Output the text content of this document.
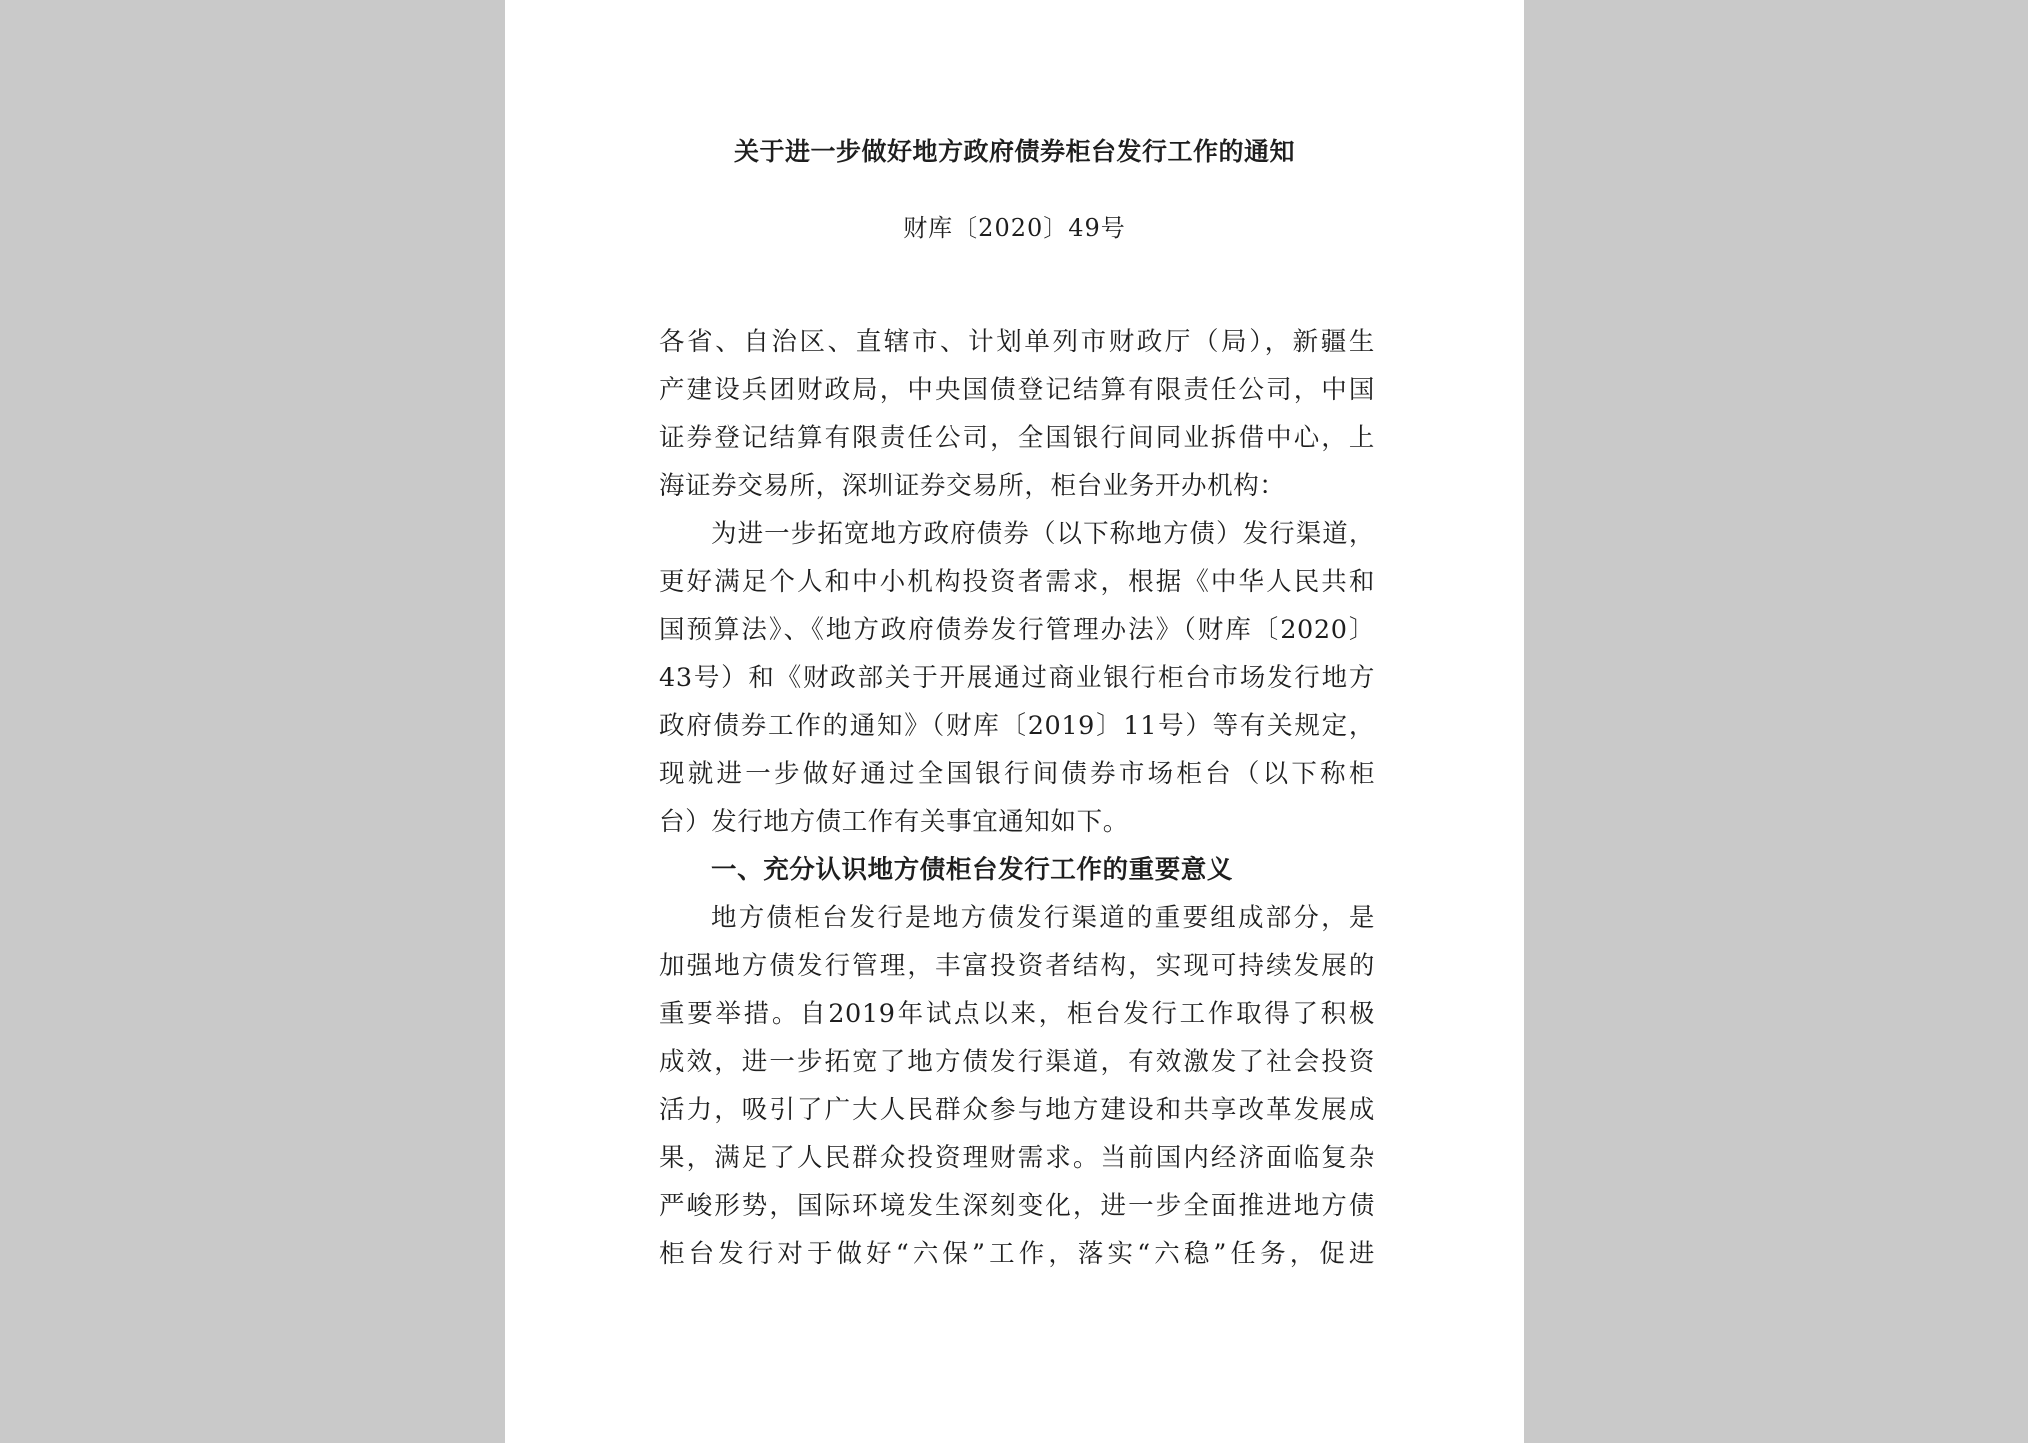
关于进一步做好地方政府债券柜台发行工作的通知
财库〔2020〕49号
各省、自治区、直辖市、计划单列市财政厅（局），新疆生
产建设兵团财政局，中央国债登记结算有限责任公司，中国
证券登记结算有限责任公司，全国银行间同业拆借中心，上
海证券交易所，深圳证券交易所，柜台业务开办机构：
为进一步拓宽地方政府债券（以下称地方债）发行渠道，
更好满足个人和中小机构投资者需求，根据《中华人民共和
国预算法》、《地方政府债券发行管理办法》（财库〔2020〕
43号）和《财政部关于开展通过商业银行柜台市场发行地方
政府债券工作的通知》（财库〔2019〕11号）等有关规定，
现就进一步做好通过全国银行间债券市场柜台（以下称柜
台）发行地方债工作有关事宜通知如下。
一、充分认识地方债柜台发行工作的重要意义
地方债柜台发行是地方债发行渠道的重要组成部分，是
加强地方债发行管理，丰富投资者结构，实现可持续发展的
重要举措。自2019年试点以来，柜台发行工作取得了积极
成效，进一步拓宽了地方债发行渠道，有效激发了社会投资
活力，吸引了广大人民群众参与地方建设和共享改革发展成
果，满足了人民群众投资理财需求。当前国内经济面临复杂
严峻形势，国际环境发生深刻变化，进一步全面推进地方债
柜台发行对于做好“六保”工作，落实“六稳”任务，促进
